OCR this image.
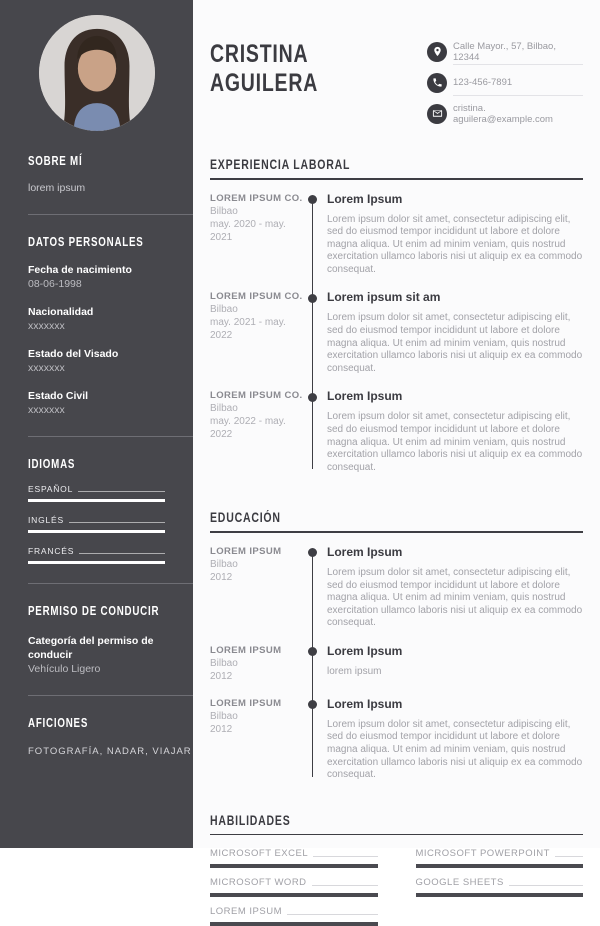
SOBRE MÍ

lorem ipsum

DATOS PERSONALES
Fecha de nacimiento
08-06-1998
Nacionalidad
xxxxxxx
Estado del Visado
xxxxxxx
Estado Civil
xxxxxxx
IDIOMAS
ESPAÑOL
INGLÉS
FRANCÉS
PERMISO DE CONDUCIR
Categoría del permiso de conducir
Vehículo Ligero
AFICIONES

FOTOGRAFÍA, NADAR, VIAJAR

CRISTINA
AGUILERA
Calle Mayor., 57, Bilbao, 12344
123-456-7891
cristina. aguilera@example.com
EXPERIENCIA LABORAL
LOREM IPSUM CO.
Bilbao
may. 2020 - may. 2021
Lorem Ipsum
Lorem ipsum dolor sit amet, consectetur adipiscing elit, sed do eiusmod tempor incididunt ut labore et dolore magna aliqua. Ut enim ad minim veniam, quis nostrud exercitation ullamco laboris nisi ut aliquip ex ea commodo consequat.
LOREM IPSUM CO.
Bilbao
may. 2021 - may. 2022
Lorem ipsum sit am
Lorem ipsum dolor sit amet, consectetur adipiscing elit, sed do eiusmod tempor incididunt ut labore et dolore magna aliqua. Ut enim ad minim veniam, quis nostrud exercitation ullamco laboris nisi ut aliquip ex ea commodo consequat.
LOREM IPSUM CO.
Bilbao
may. 2022 - may. 2022
Lorem Ipsum
Lorem ipsum dolor sit amet, consectetur adipiscing elit, sed do eiusmod tempor incididunt ut labore et dolore magna aliqua. Ut enim ad minim veniam, quis nostrud exercitation ullamco laboris nisi ut aliquip ex ea commodo consequat.
EDUCACIÓN
LOREM IPSUM
Bilbao
2012
Lorem Ipsum
Lorem ipsum dolor sit amet, consectetur adipiscing elit, sed do eiusmod tempor incididunt ut labore et dolore magna aliqua. Ut enim ad minim veniam, quis nostrud exercitation ullamco laboris nisi ut aliquip ex ea commodo consequat.
LOREM IPSUM
Bilbao
2012
Lorem Ipsum
lorem ipsum
LOREM IPSUM
Bilbao
2012
Lorem Ipsum
Lorem ipsum dolor sit amet, consectetur adipiscing elit, sed do eiusmod tempor incididunt ut labore et dolore magna aliqua. Ut enim ad minim veniam, quis nostrud exercitation ullamco laboris nisi ut aliquip ex ea commodo consequat.
HABILIDADES
MICROSOFT EXCEL	MICROSOFT POWERPOINT
MICROSOFT WORD	GOOGLE SHEETS
LOREM IPSUM
